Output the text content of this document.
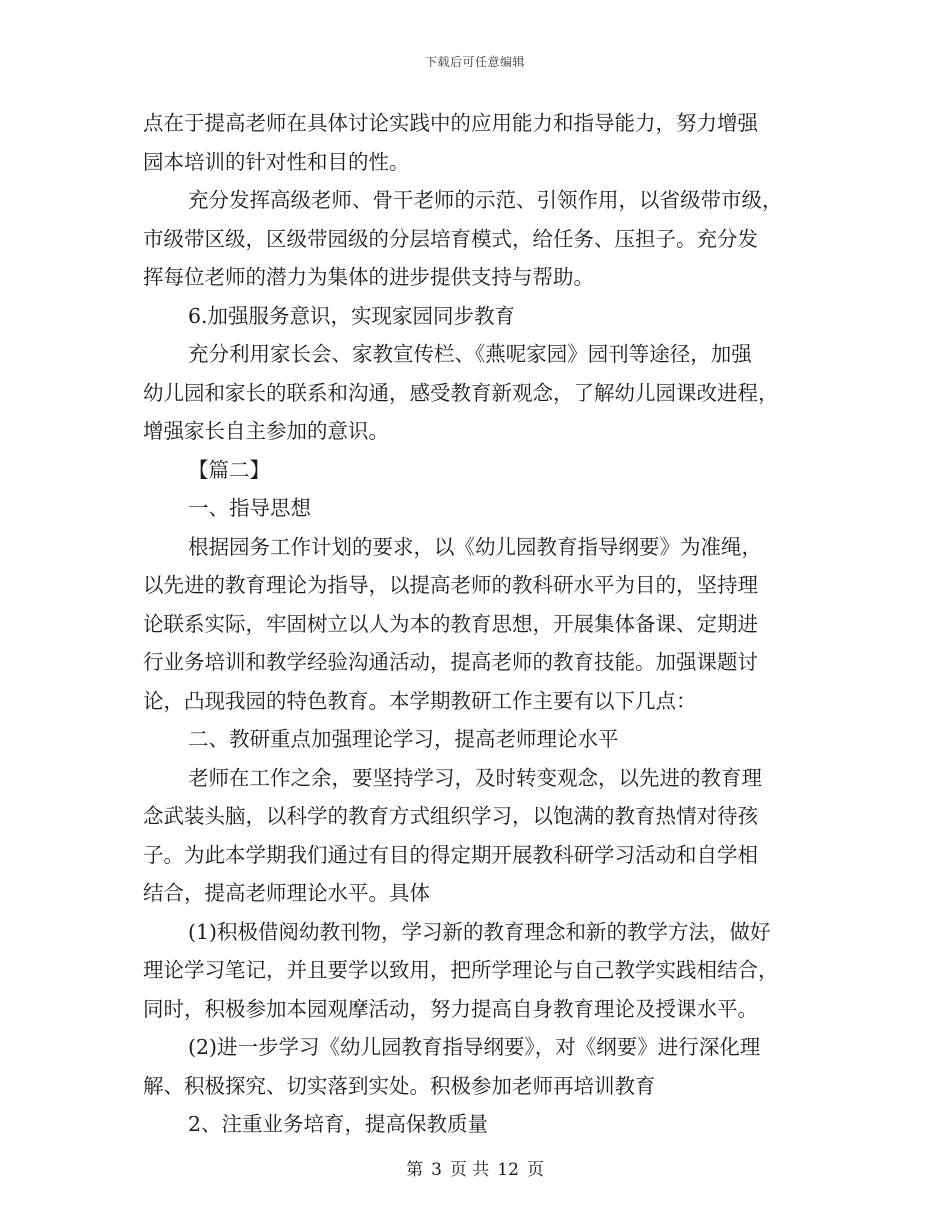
下载后可任意编辑

点在于提高老师在具体讨论实践中的应用能力和指导能力，努力增强
园本培训的针对性和目的性。
充分发挥高级老师、骨干老师的示范、引领作用，以省级带市级，
市级带区级，区级带园级的分层培育模式，给任务、压担子。充分发
挥每位老师的潜力为集体的进步提供支持与帮助。
6.加强服务意识，实现家园同步教育
充分利用家长会、家教宣传栏、《燕呢家园》园刊等途径，加强
幼儿园和家长的联系和沟通，感受教育新观念，了解幼儿园课改进程，
增强家长自主参加的意识。
【篇二】
一、指导思想
根据园务工作计划的要求，以《幼儿园教育指导纲要》为准绳，
以先进的教育理论为指导，以提高老师的教科研水平为目的，坚持理
论联系实际，牢固树立以人为本的教育思想，开展集体备课、定期进
行业务培训和教学经验沟通活动，提高老师的教育技能。加强课题讨
论，凸现我园的特色教育。本学期教研工作主要有以下几点：
二、教研重点加强理论学习，提高老师理论水平
老师在工作之余，要坚持学习，及时转变观念，以先进的教育理
念武装头脑，以科学的教育方式组织学习，以饱满的教育热情对待孩
子。为此本学期我们通过有目的得定期开展教科研学习活动和自学相
结合，提高老师理论水平。具体
(1)积极借阅幼教刊物，学习新的教育理念和新的教学方法，做好
理论学习笔记，并且要学以致用，把所学理论与自己教学实践相结合，
同时，积极参加本园观摩活动，努力提高自身教育理论及授课水平。
(2)进一步学习《幼儿园教育指导纲要》，对《纲要》进行深化理
解、积极探究、切实落到实处。积极参加老师再培训教育
2、注重业务培育，提高保教质量

第 3 页 共 12 页
